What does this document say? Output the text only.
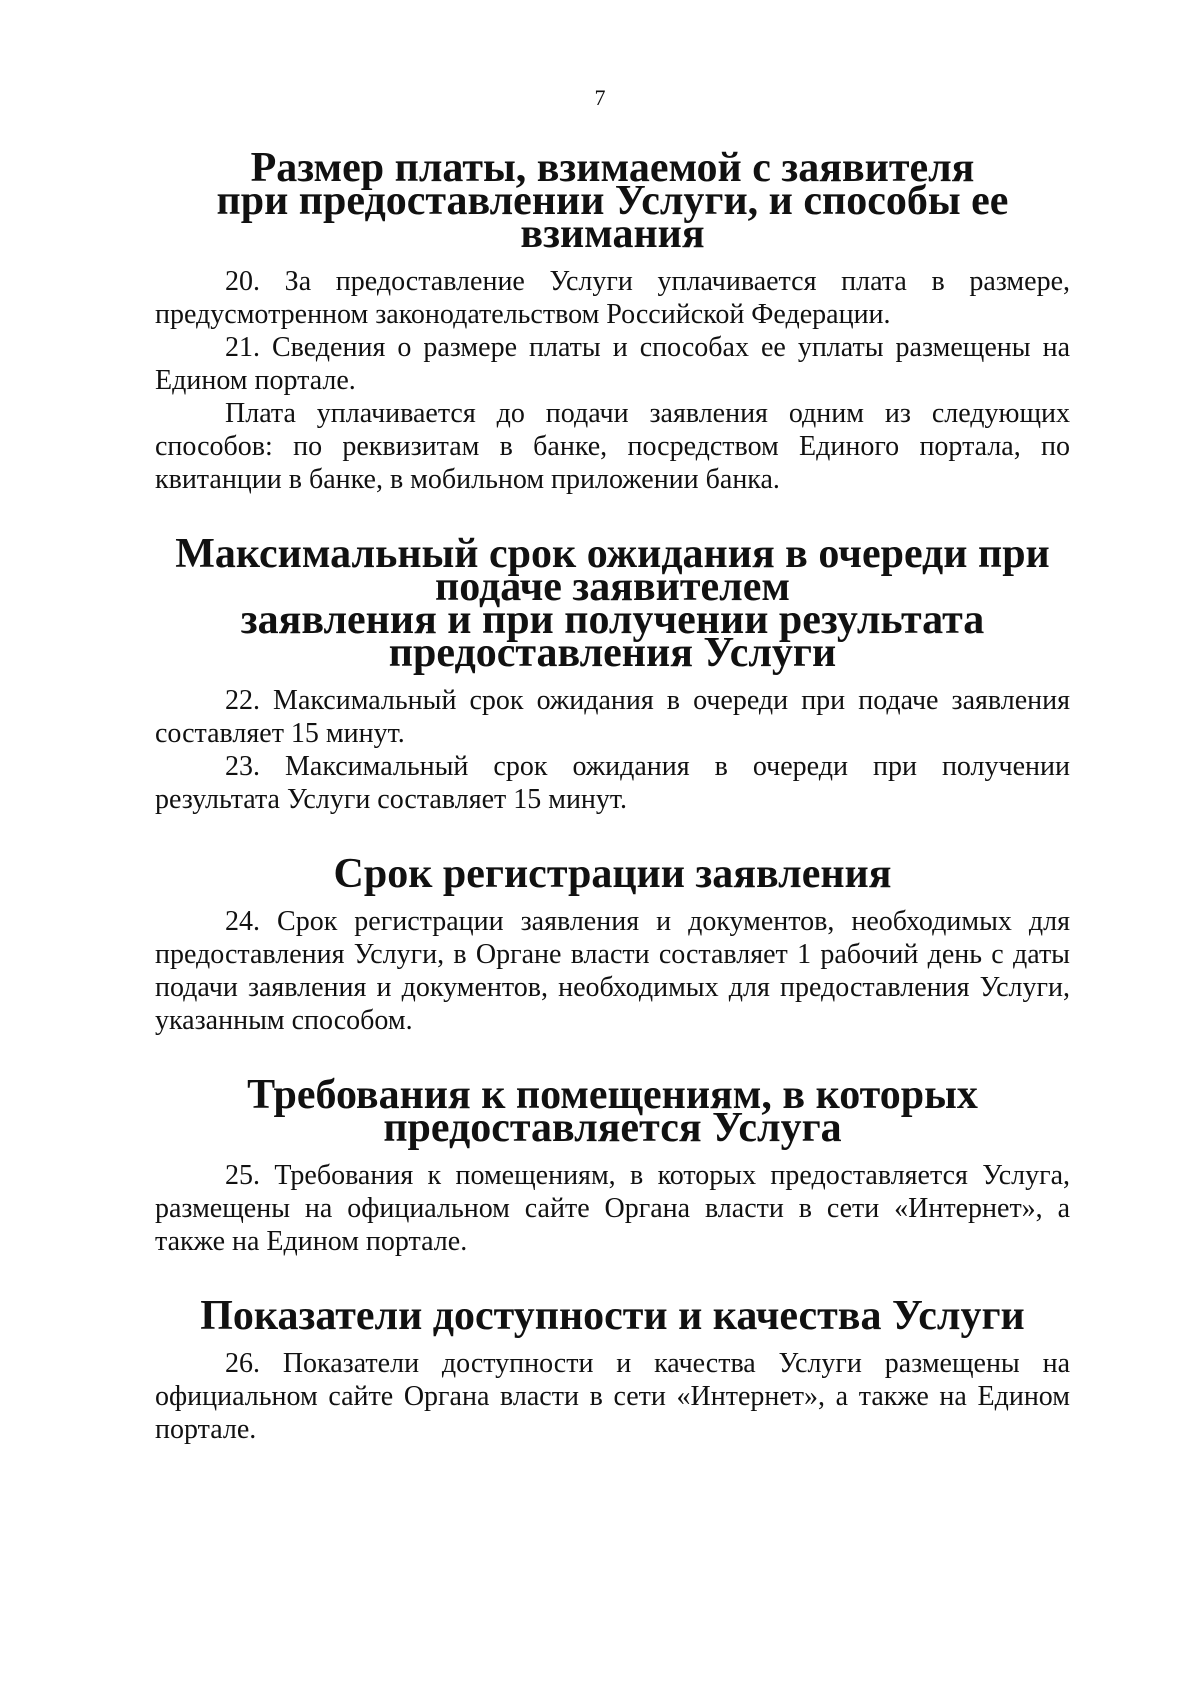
7
Размер платы, взимаемой с заявителя
при предоставлении Услуги, и способы ее взимания

20. За предоставление Услуги уплачивается плата в размере, предусмотренном законодательством Российской Федерации.

21. Сведения о размере платы и способах ее уплаты размещены на Едином портале.

Плата уплачивается до подачи заявления одним из следующих способов: по реквизитам в банке, посредством Единого портала, по квитанции в банке, в мобильном приложении банка.

Максимальный срок ожидания в очереди при подаче заявителем
заявления и при получении результата предоставления Услуги

22. Максимальный срок ожидания в очереди при подаче заявления составляет 15 минут.

23. Максимальный срок ожидания в очереди при получении результата Услуги составляет 15 минут.

Срок регистрации заявления

24. Срок регистрации заявления и документов, необходимых для предоставления Услуги, в Органе власти составляет 1 рабочий день с даты подачи заявления и документов, необходимых для предоставления Услуги, указанным способом.

Требования к помещениям, в которых предоставляется Услуга

25. Требования к помещениям, в которых предоставляется Услуга, размещены на официальном сайте Органа власти в сети «Интернет», а также на Едином портале.

Показатели доступности и качества Услуги

26. Показатели доступности и качества Услуги размещены на официальном сайте Органа власти в сети «Интернет», а также на Едином портале.
